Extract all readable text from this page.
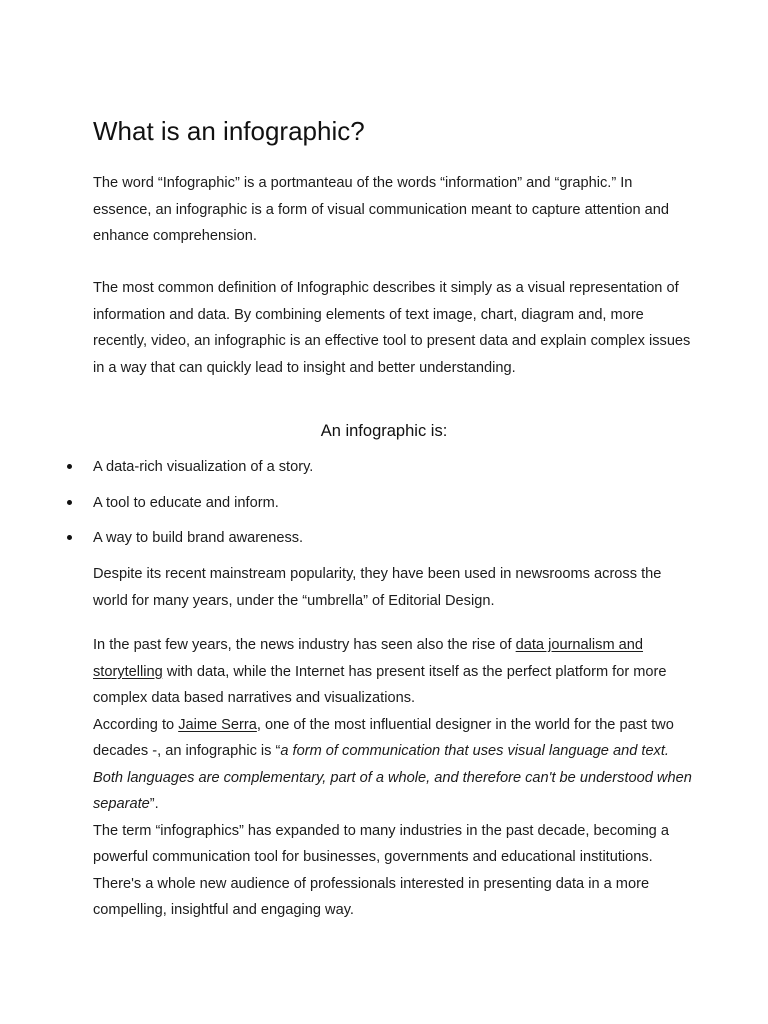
What is an infographic?

The word “Infographic” is a portmanteau of the words “information” and “graphic.” In essence, an infographic is a form of visual communication meant to capture attention and enhance comprehension.

The most common definition of Infographic describes it simply as a visual representation of information and data. By combining elements of text image, chart, diagram and, more recently, video, an infographic is an effective tool to present data and explain complex issues in a way that can quickly lead to insight and better understanding.

An infographic is:
A data-rich visualization of a story.
A tool to educate and inform.
A way to build brand awareness.

Despite its recent mainstream popularity, they have been used in newsrooms across the world for many years, under the “umbrella” of Editorial Design.

In the past few years, the news industry has seen also the rise of data journalism and storytelling with data, while the Internet has present itself as the perfect platform for more complex data based narratives and visualizations.
According to Jaime Serra, one of the most influential designer in the world for the past two decades -, an infographic is “a form of communication that uses visual language and text. Both languages are complementary, part of a whole, and therefore can't be understood when separate”.
The term “infographics” has expanded to many industries in the past decade, becoming a powerful communication tool for businesses, governments and educational institutions. There's a whole new audience of professionals interested in presenting data in a more compelling, insightful and engaging way.
